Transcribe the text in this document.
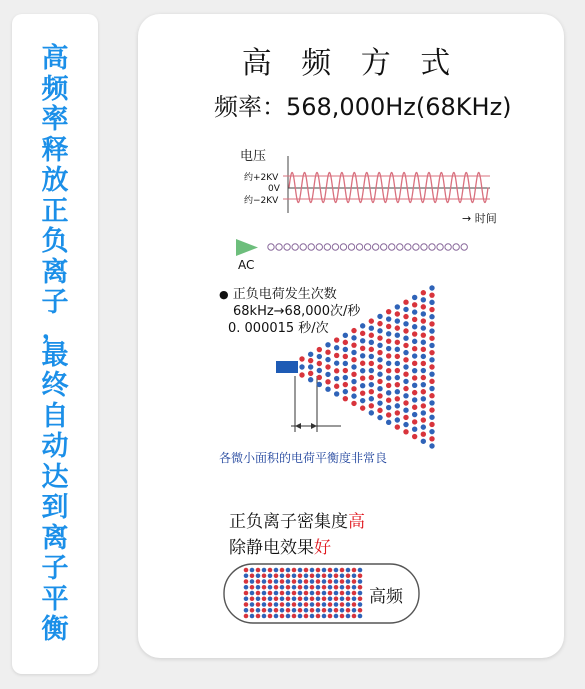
高
频
率
释
放
正
负
离
子
，
最
终
自
动
达
到
离
子
平
衡
高 频 方 式
频率：568,000Hz(68KHz)
电压
约+2KV
0V
约−2KV
→ 时间
AC
高频
● 正负电荷发生次数
68kHz→68,000次/秒
0. 000015 秒/次
各微小面积的电荷平衡度非常良
正负离子密集度高
除静电效果好
